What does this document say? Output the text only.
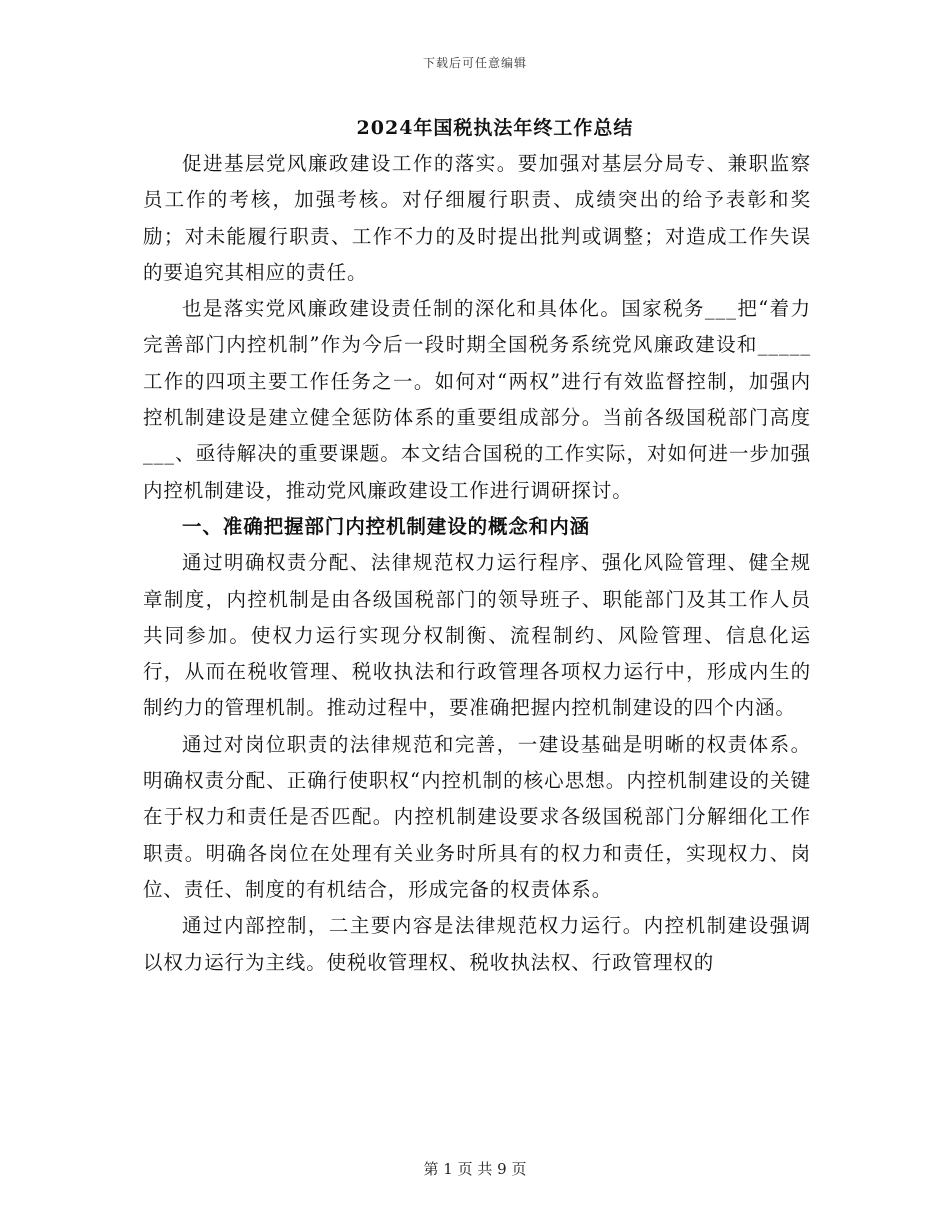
下载后可任意编辑
2024年国税执法年终工作总结

促进基层党风廉政建设工作的落实。要加强对基层分局专、兼职监察员工作的考核，加强考核。对仔细履行职责、成绩突出的给予表彰和奖励；对未能履行职责、工作不力的及时提出批判或调整；对造成工作失误的要追究其相应的责任。

也是落实党风廉政建设责任制的深化和具体化。国家税务___把“着力完善部门内控机制”作为今后一段时期全国税务系统党风廉政建设和_____工作的四项主要工作任务之一。如何对“两权”进行有效监督控制，加强内控机制建设是建立健全惩防体系的重要组成部分。当前各级国税部门高度___、亟待解决的重要课题。本文结合国税的工作实际，对如何进一步加强内控机制建设，推动党风廉政建设工作进行调研探讨。

一、准确把握部门内控机制建设的概念和内涵

通过明确权责分配、法律规范权力运行程序、强化风险管理、健全规章制度，内控机制是由各级国税部门的领导班子、职能部门及其工作人员共同参加。使权力运行实现分权制衡、流程制约、风险管理、信息化运行，从而在税收管理、税收执法和行政管理各项权力运行中，形成内生的制约力的管理机制。推动过程中，要准确把握内控机制建设的四个内涵。

通过对岗位职责的法律规范和完善，一建设基础是明晰的权责体系。明确权责分配、正确行使职权“内控机制的核心思想。内控机制建设的关键在于权力和责任是否匹配。内控机制建设要求各级国税部门分解细化工作职责。明确各岗位在处理有关业务时所具有的权力和责任，实现权力、岗位、责任、制度的有机结合，形成完备的权责体系。

通过内部控制，二主要内容是法律规范权力运行。内控机制建设强调以权力运行为主线。使税收管理权、税收执法权、行政管理权的

第 1 页 共 9 页
